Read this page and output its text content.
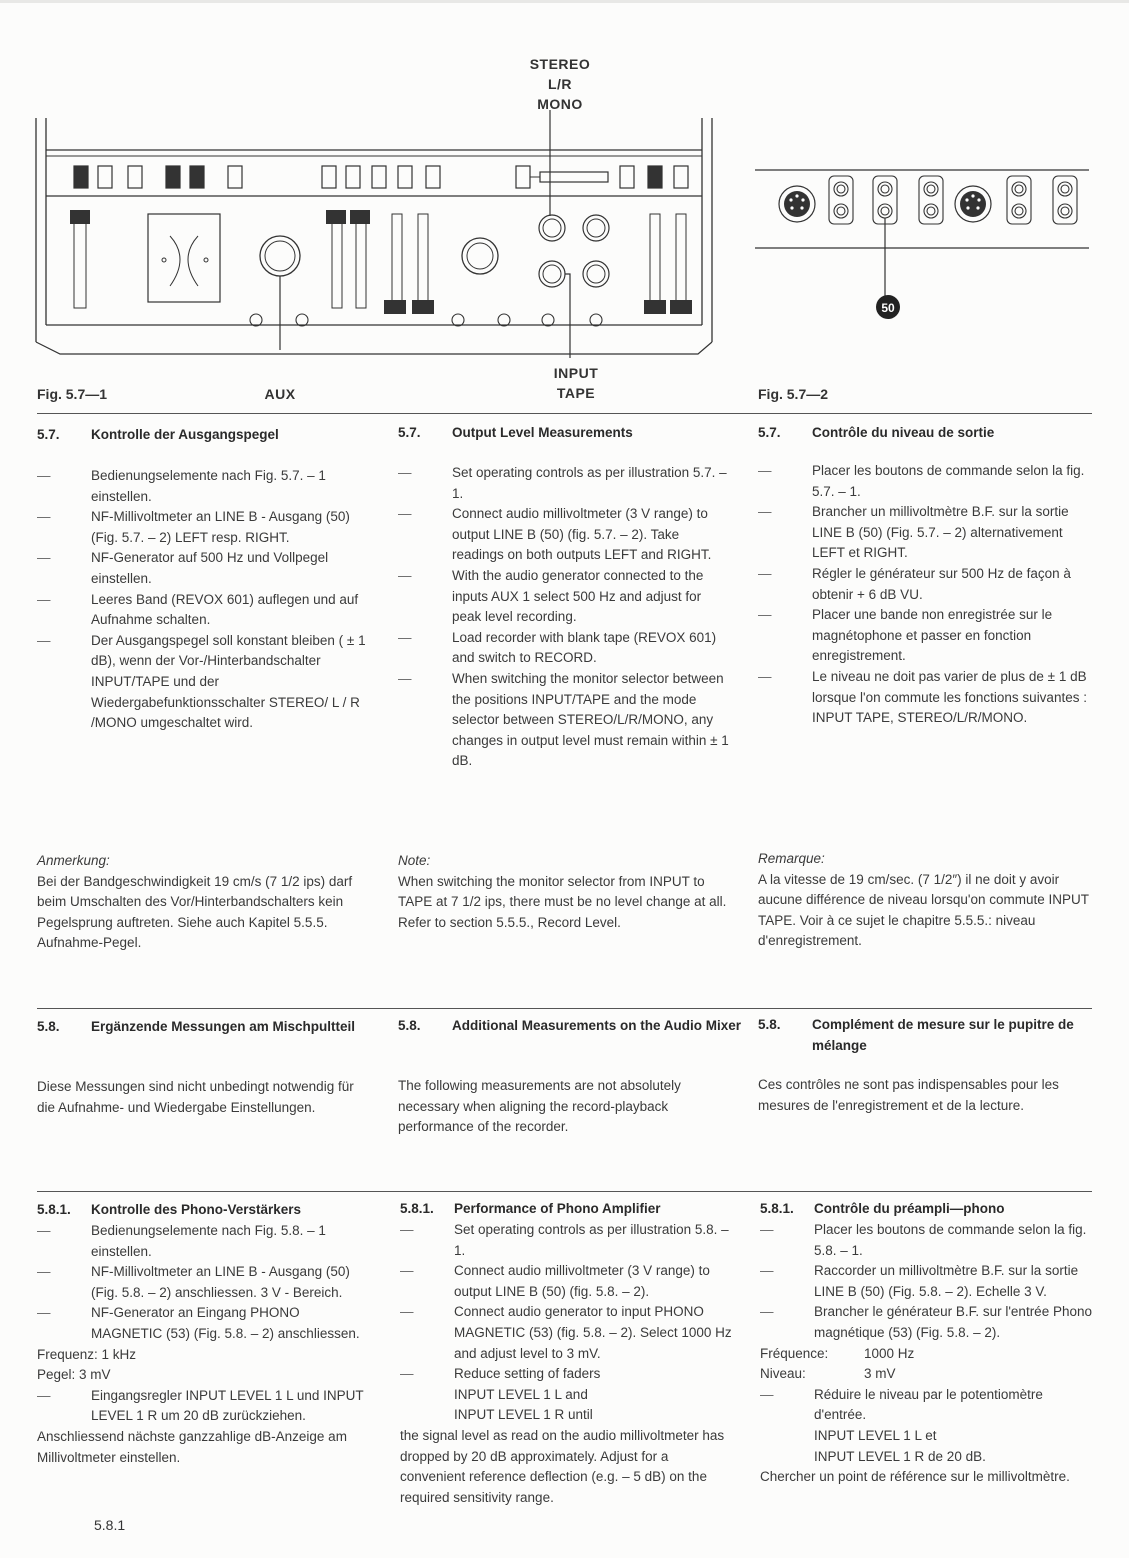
STEREO
L/R
MONO
INPUT
TAPE
AUX
Fig. 5.7—1
50
Fig. 5.7—2
5.7. Kontrolle der Ausgangspegel	5.7. Output Level Measurements	5.7. Contrôle du niveau de sortie
— Bedienungselemente nach Fig. 5.7. – 1 einstellen.
— NF-Millivoltmeter an LINE B - Ausgang (50) (Fig. 5.7. – 2) LEFT resp. RIGHT.
— NF-Generator auf 500 Hz und Vollpegel einstellen.
— Leeres Band (REVOX 601) auflegen und auf Aufnahme schalten.
— Der Ausgangspegel soll konstant bleiben ( ± 1 dB), wenn der Vor-/Hinterbandschalter INPUT/TAPE und der Wiedergabefunktionsschalter STEREO/ L / R /MONO umgeschaltet wird.
— Set operating controls as per illustration 5.7. – 1.
— Connect audio millivoltmeter (3 V range) to output LINE B (50) (fig. 5.7. – 2). Take readings on both outputs LEFT and RIGHT.
— With the audio generator connected to the inputs AUX 1 select 500 Hz and adjust for peak level recording.
— Load recorder with blank tape (REVOX 601) and switch to RECORD.
— When switching the monitor selector between the positions INPUT/TAPE and the mode selector between STEREO/L/R/MONO, any changes in output level must remain within ± 1 dB.
— Placer les boutons de commande selon la fig. 5.7. – 1.
— Brancher un millivoltmètre B.F. sur la sortie LINE B (50) (Fig. 5.7. – 2) alternativement LEFT et RIGHT.
— Régler le générateur sur 500 Hz de façon à obtenir + 6 dB VU.
— Placer une bande non enregistrée sur le magnétophone et passer en fonction enregistrement.
— Le niveau ne doit pas varier de plus de ± 1 dB lorsque l'on commute les fonctions suivantes : INPUT TAPE, STEREO/L/R/MONO.
Anmerkung:

Bei der Bandgeschwindigkeit 19 cm/s (7 1/2 ips) darf beim Umschalten des Vor/Hinterbandschalters kein Pegelsprung auftreten. Siehe auch Kapitel 5.5.5. Aufnahme-Pegel.

Note:

When switching the monitor selector from INPUT to TAPE at 7 1/2 ips, there must be no level change at all.

Refer to section 5.5.5., Record Level.

Remarque:

A la vitesse de 19 cm/sec. (7 1/2″) il ne doit y avoir aucune différence de niveau lorsqu'on commute INPUT TAPE. Voir à ce sujet le chapitre 5.5.5.: niveau d'enregistrement.

5.8. Ergänzende Messungen am Mischpultteil	5.8. Additional Measurements on the Audio Mixer 5.8. Complément de mesure sur le pupitre de mélange
Diese Messungen sind nicht unbedingt notwendig für die Aufnahme- und Wiedergabe Einstellungen.
The following measurements are not absolutely necessary when aligning the record-playback performance of the recorder.
Ces contrôles ne sont pas indispensables pour les mesures de l'enregistrement et de la lecture.
5.8.1. Kontrolle des Phono-Verstärkers	5.8.1. Performance of Phono Amplifier	5.8.1. Contrôle du préampli—phono
— Bedienungselemente nach Fig. 5.8. – 1 einstellen.
— NF-Millivoltmeter an LINE B - Ausgang (50) (Fig. 5.8. – 2) anschliessen. 3 V - Bereich.
— NF-Generator an Eingang PHONO MAGNETIC (53) (Fig. 5.8. – 2) anschliessen.
Frequenz: 1 kHz
Pegel: 3 mV
— Eingangsregler INPUT LEVEL 1 L und INPUT LEVEL 1 R um 20 dB zurückziehen.

Anschliessend nächste ganzzahlige dB-Anzeige am Millivoltmeter einstellen.

— Set operating controls as per illustration 5.8. – 1.
— Connect audio millivoltmeter (3 V range) to output LINE B (50) (fig. 5.8. – 2).
— Connect audio generator to input PHONO MAGNETIC (53) (fig. 5.8. – 2). Select 1000 Hz and adjust level to 3 mV.
— Reduce setting of faders
INPUT LEVEL 1 L and
INPUT LEVEL 1 R until

the signal level as read on the audio millivoltmeter has dropped by 20 dB approximately. Adjust for a convenient reference deflection (e.g. – 5 dB) on the required sensitivity range.

— Placer les boutons de commande selon la fig. 5.8. – 1.
— Raccorder un millivoltmètre B.F. sur la sortie LINE B (50) (Fig. 5.8. – 2). Echelle 3 V.
— Brancher le générateur B.F. sur l'entrée Phono magnétique (53) (Fig. 5.8. – 2).
Fréquence:	1000 Hz
Niveau:	3 mV
— Réduire le niveau par le potentiomètre d'entrée.
INPUT LEVEL 1 L et
INPUT LEVEL 1 R de 20 dB.

Chercher un point de référence sur le millivoltmètre.

5.8.1
